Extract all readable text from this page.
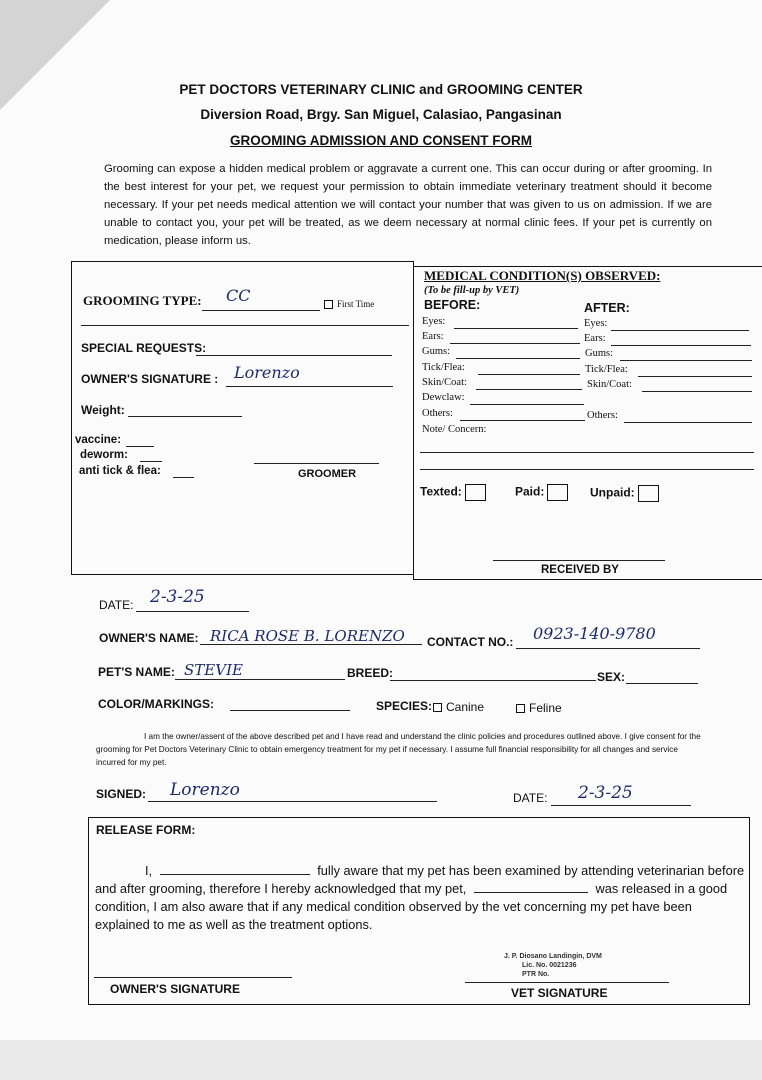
PET DOCTORS VETERINARY CLINIC and GROOMING CENTER
Diversion Road, Brgy. San Miguel, Calasiao, Pangasinan
GROOMING ADMISSION AND CONSENT FORM
Grooming can expose a hidden medical problem or aggravate a current one. This can occur during or after grooming. In the best interest for your pet, we request your permission to obtain immediate veterinary treatment should it become necessary. If your pet needs medical attention we will contact your number that was given to us on admission. If we are unable to contact you, your pet will be treated, as we deem necessary at normal clinic fees. If your pet is currently on medication, please inform us.
GROOMING TYPE: CC	First Time
SPECIAL REQUESTS:
OWNER'S SIGNATURE : Lorenzo
Weight:
vaccine:
deworm:
anti tick & flea:	GROOMER
MEDICAL CONDITION(S) OBSERVED:
(To be fill-up by VET)
BEFORE:	AFTER:
Eyes:
Ears:
Gums:
Tick/Flea:
Skin/Coat:
Dewclaw:
Others:
Note/ Concern:
Eyes:
Ears:
Gums:
Tick/Flea:
Skin/Coat:
Others:
Texted:	Paid:	Unpaid:
RECEIVED BY
DATE: 2-3-25
OWNER'S NAME: RICA ROSE B. LORENZO CONTACT NO.: 0923-140-9780
PET'S NAME: STEVIE	BREED:	SEX:
COLOR/MARKINGS:	SPECIES:	Canine	Feline
I am the owner/assent of the above described pet and I have read and understand the clinic policies and procedures outlined above. I give consent for the grooming for Pet Doctors Veterinary Clinic to obtain emergency treatment for my pet if necessary. I assume full financial responsibility for all changes and service incurred for my pet.
SIGNED: Lorenzo	DATE: 2-3-25
RELEASE FORM:
I,	fully aware that my pet has been examined by attending veterinarian before and after grooming, therefore I hereby acknowledged that my pet,	was released in a good condition, I am also aware that if any medical condition observed by the vet concerning my pet have been explained to me as well as the treatment options.
J. P. Diosano Landingin, DVM
Lic. No. 0021236
PTR No.
OWNER'S SIGNATURE	VET SIGNATURE
